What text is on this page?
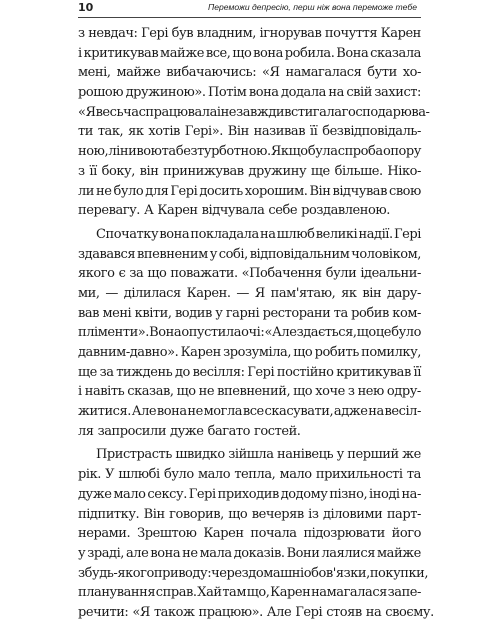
10	Переможи депресію, перш ніж вона переможе тебе
з невдач: Гері був владним, ігнорував почуття Карен
і критикував майже все, що вона робила. Вона сказала
мені, майже вибачаючись: «Я намагалася бути хо-
рошою дружиною». Потім вона додала на свій захист:
«Я весь час працювала і не завжди встигала господарюва-
ти так, як хотів Гері». Він називав її безвідповідаль-
ною, лінивою та безтурботною. Якщо була спроба опору
з її боку, він принижував дружину ще більше. Ніко-
ли не було для Гері досить хорошим. Він відчував свою
перевагу. А Карен відчувала себе роздавленою.
Спочатку вона покладала на шлюб великі надії. Гері
здавався впевненим у собі, відповідальним чоловіком,
якого є за що поважати. «Побачення були ідеальни-
ми, — ділилася Карен. — Я пам'ятаю, як він дару-
вав мені квіти, водив у гарні ресторани та робив ком-
пліменти». Вона опустила очі: «Але здається, що це було
давним-давно». Карен зрозуміла, що робить помилку,
ще за тиждень до весілля: Гері постійно критикував її
і навіть сказав, що не впевнений, що хоче з нею одру-
житися. Але вона не могла все скасувати, адже на весіл-
ля запросили дуже багато гостей.
Пристрасть швидко зійшла нанівець у перший же
рік. У шлюбі було мало тепла, мало прихильності та
дуже мало сексу. Гері приходив додому пізно, іноді на-
підпитку. Він говорив, що вечеряв із діловими парт-
нерами. Зрештою Карен почала підозрювати його
у зраді, але вона не мала доказів. Вони лаялися майже
з будь-якого приводу: через домашні обов'язки, покупки,
планування справ. Хай там що, Карен намагалася запе-
речити: «Я також працюю». Але Гері стояв на своєму.
